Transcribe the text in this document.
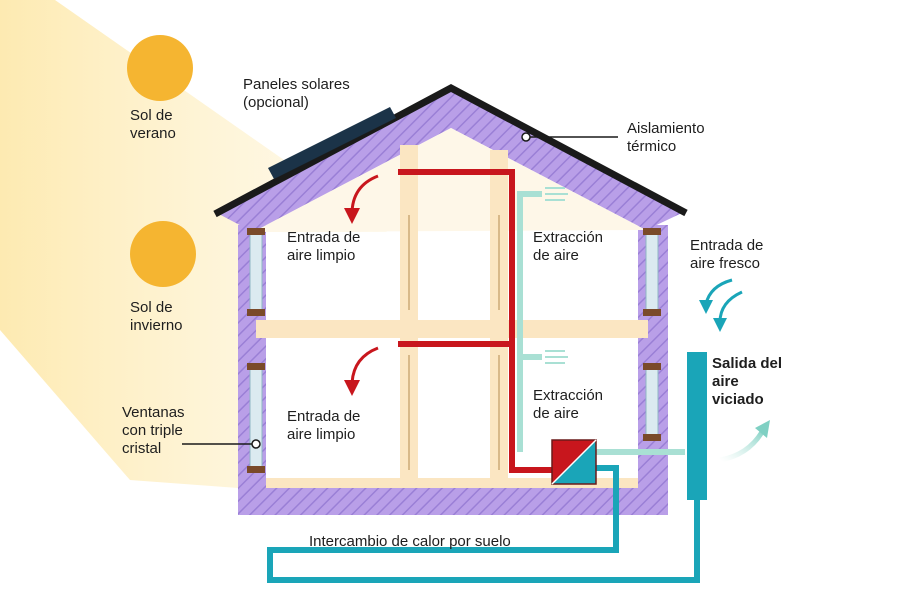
Sol de
verano
Sol de
invierno
Paneles solares
(opcional)
Aislamiento
térmico
Entrada de
aire limpio
Entrada de
aire limpio
Extracción
de aire
Extracción
de aire
Entrada de
aire fresco
Salida del
aire
viciado
Ventanas
con triple
cristal
Intercambio de calor por suelo
